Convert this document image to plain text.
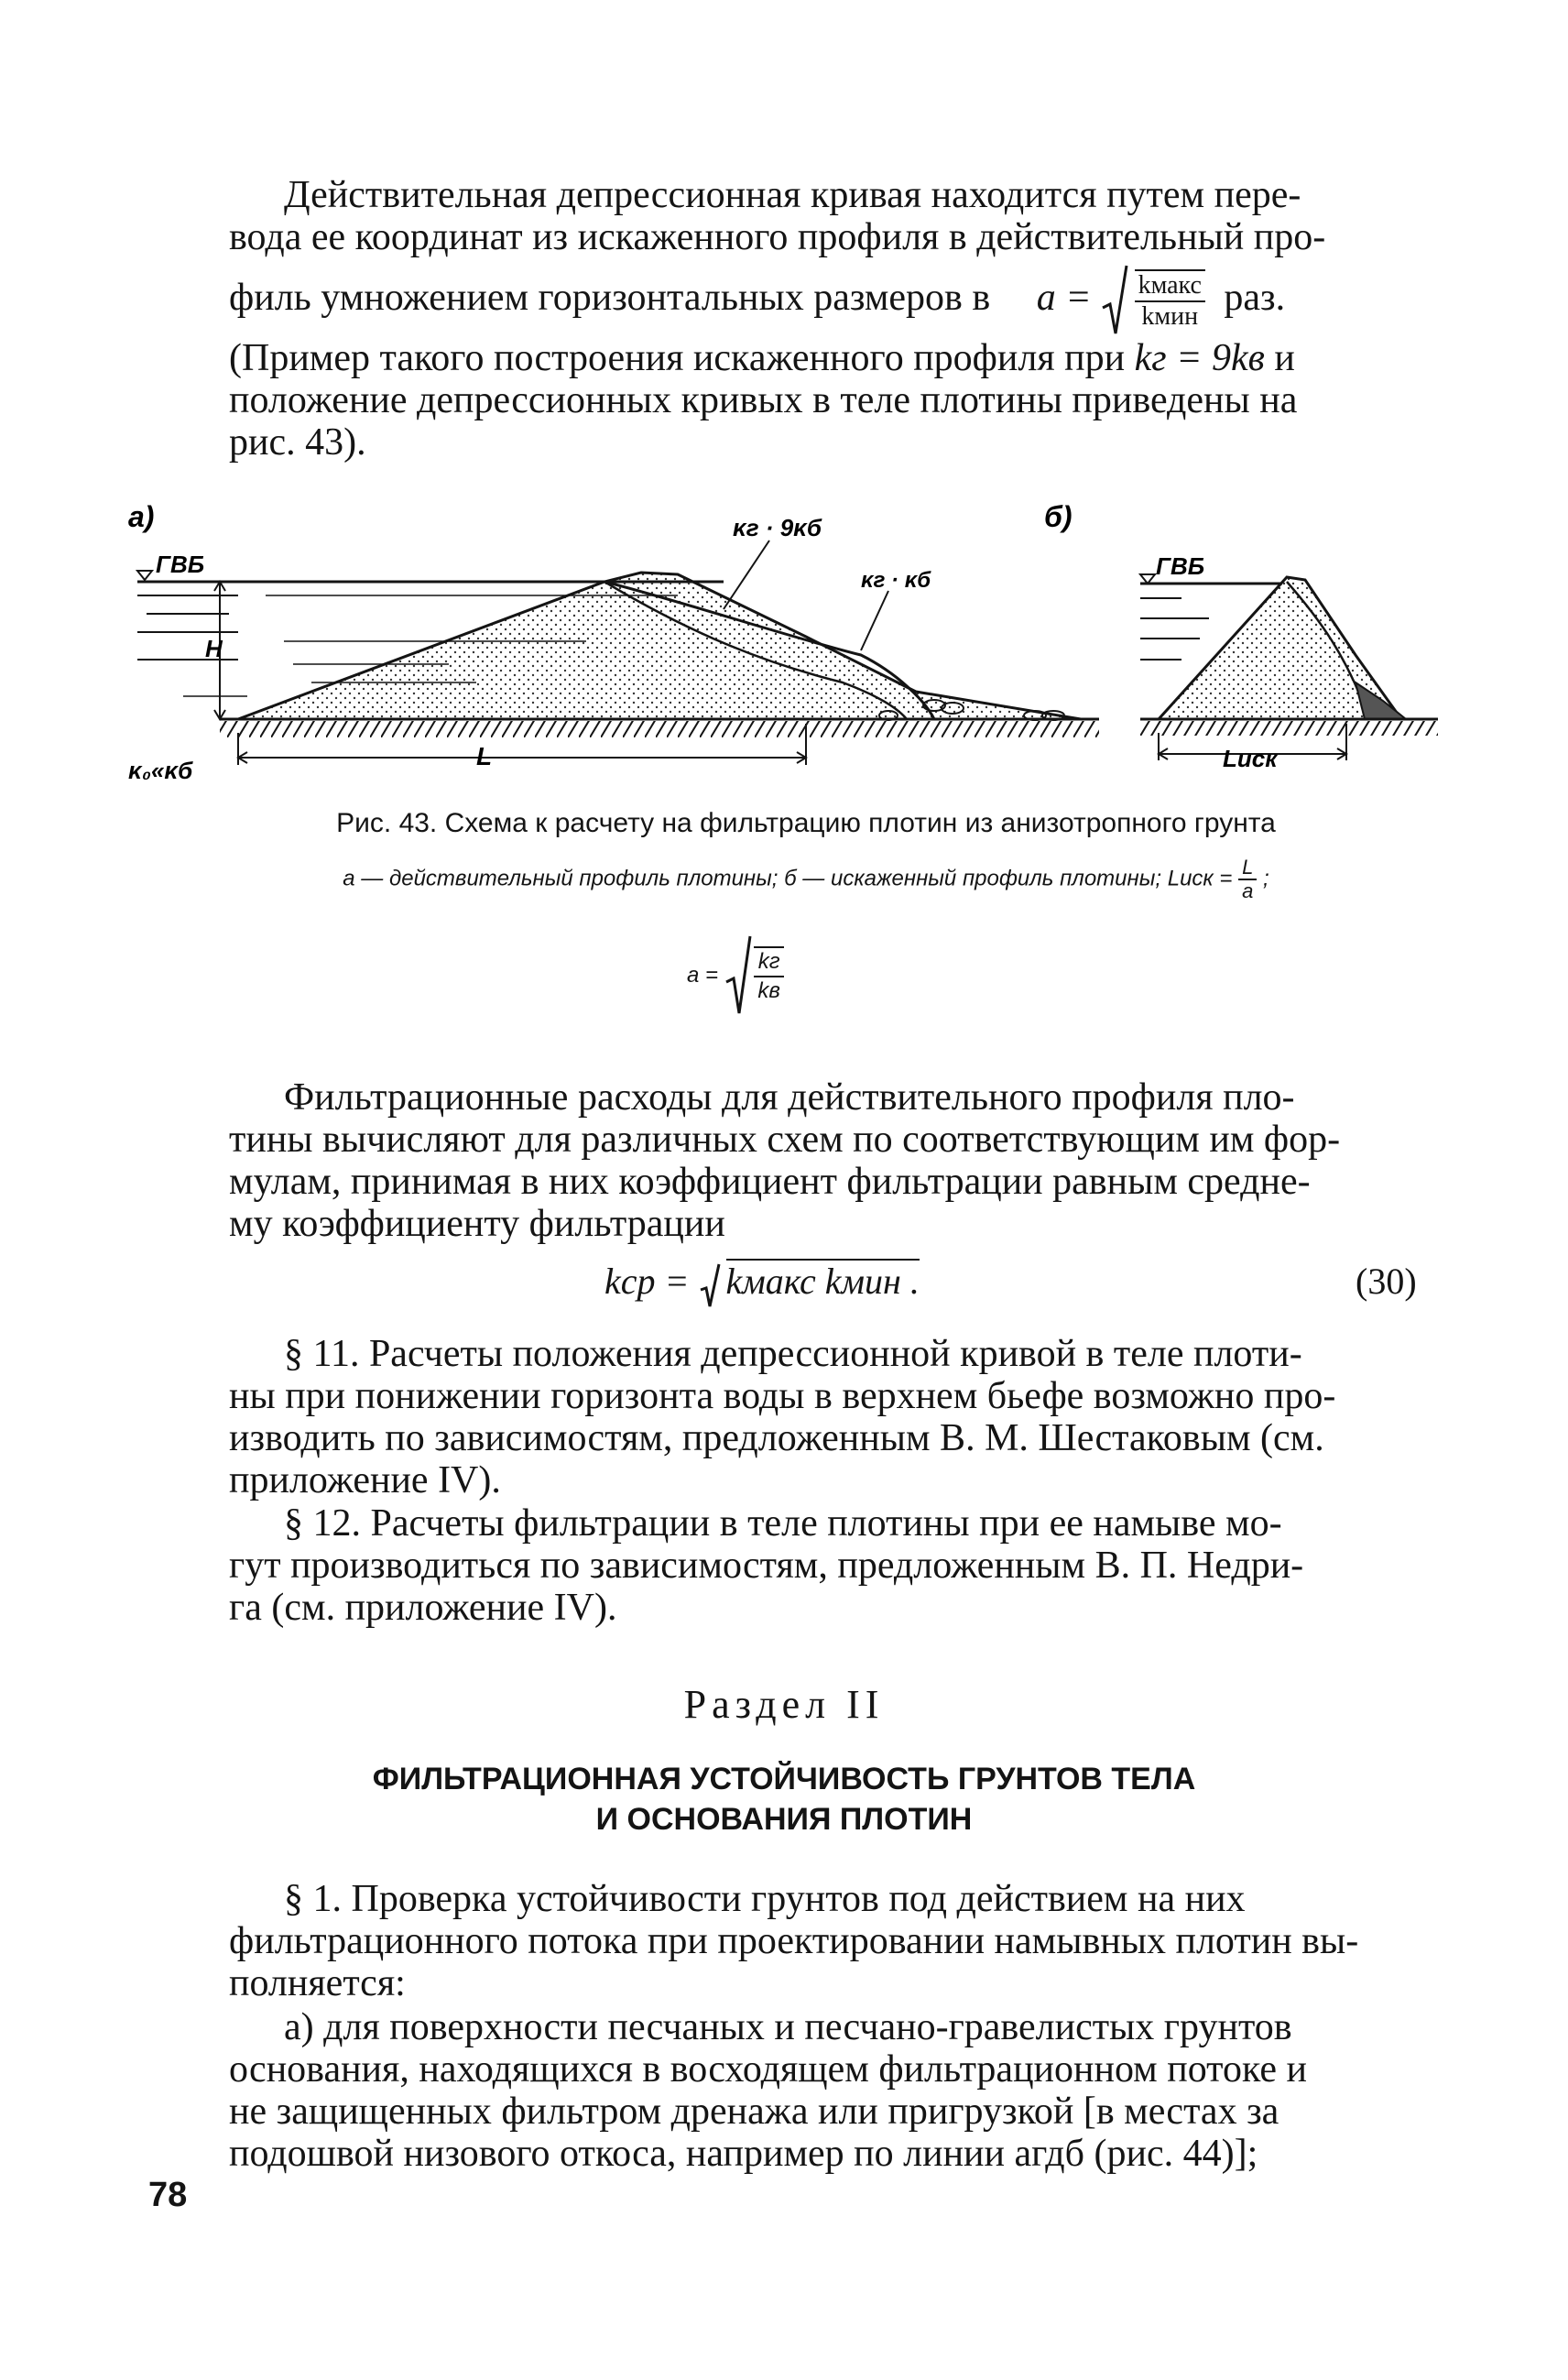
Действительная депрессионная кривая находится путем пере-
вода ее координат из искаженного профиля в действительный про-
филь умножением горизонтальных размеров в $a = \frac{\text{kмакс}}{\text{kмин}}$ раз.
(Пример такого построения искаженного профиля при kг = 9kв и
положение депрессионных кривых в теле плотины приведены на
рис. 43).
а)	б)
ГВБ	ГВБ
H
L	Lиск
κ₀«κб
κг · 9κб
κг · κб
Рис. 43. Схема к расчету на фильтрацию плотин из анизотропного грунта
а — действительный профиль плотины; б — искаженный профиль плотины; Lиск = $\frac{L}{a}$ ;
$a = \frac{kг}{kв}$
Фильтрационные расходы для действительного профиля пло-
тины вычисляют для различных схем по соответствующим им фор-
мулам, принимая в них коэффициент фильтрации равным средне-
му коэффициенту фильтрации
kср = kмакс kмин .	(30)
§ 11. Расчеты положения депрессионной кривой в теле плоти-
ны при понижении горизонта воды в верхнем бьефе возможно про-
изводить по зависимостям, предложенным В. М. Шестаковым (см.
приложение IV).
§ 12. Расчеты фильтрации в теле плотины при ее намыве мо-
гут производиться по зависимостям, предложенным В. П. Недри-
га (см. приложение IV).
Раздел II
ФИЛЬТРАЦИОННАЯ УСТОЙЧИВОСТЬ ГРУНТОВ ТЕЛА
И ОСНОВАНИЯ ПЛОТИН
§ 1. Проверка устойчивости грунтов под действием на них
фильтрационного потока при проектировании намывных плотин вы-
полняется:
а) для поверхности песчаных и песчано-гравелистых грунтов
основания, находящихся в восходящем фильтрационном потоке и
не защищенных фильтром дренажа или пригрузкой [в местах за
подошвой низового откоса, например по линии агдб (рис. 44)];
78
